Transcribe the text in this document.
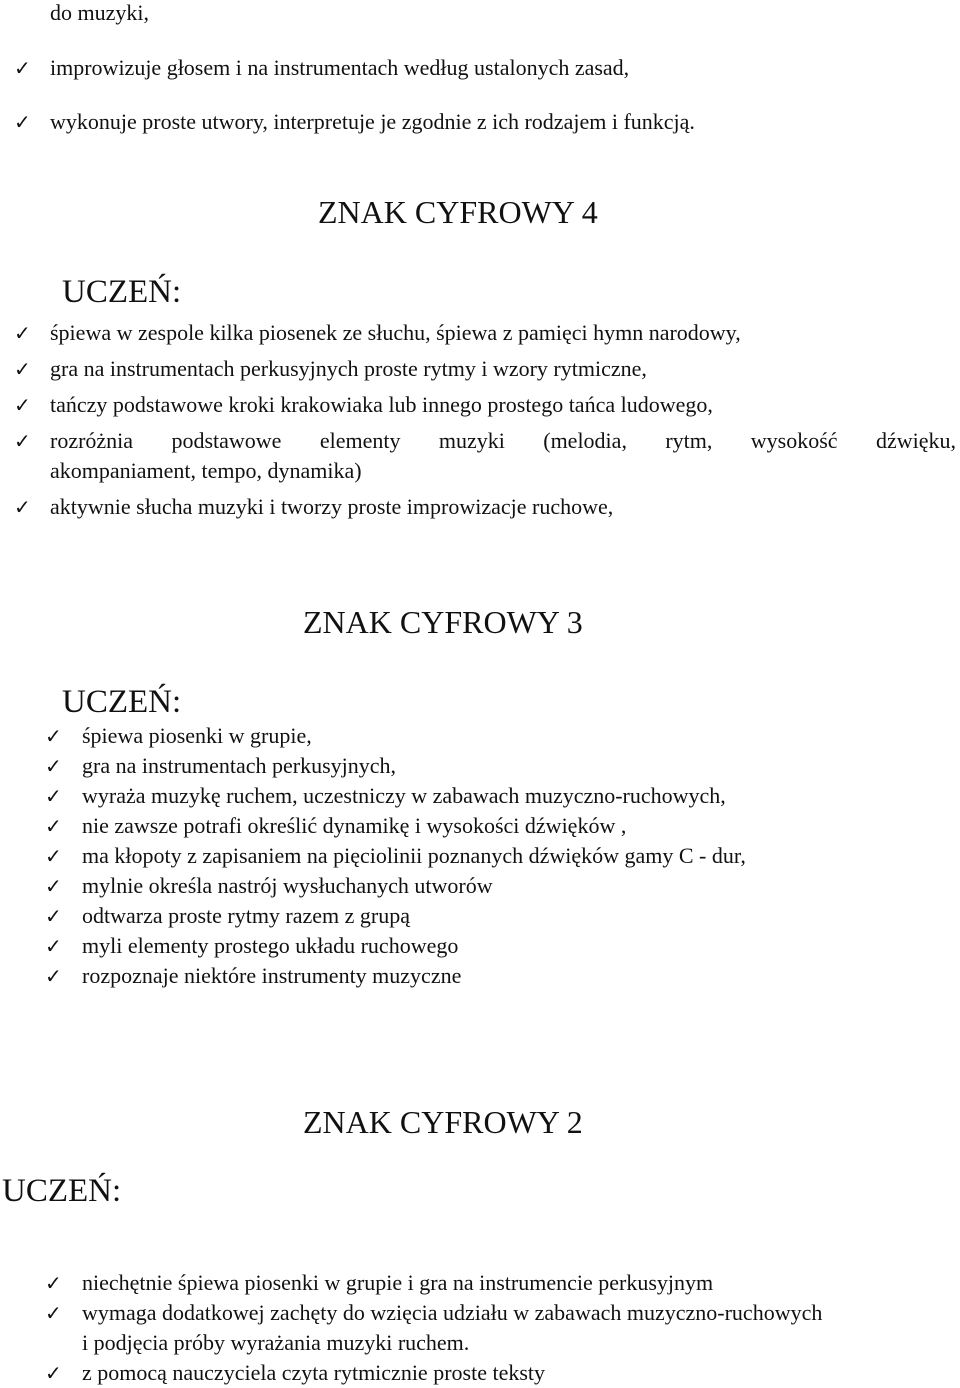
do muzyki,
✓ improwizuje głosem i na instrumentach według ustalonych zasad,
✓ wykonuje proste utwory, interpretuje je zgodnie z ich rodzajem i funkcją.
ZNAK CYFROWY 4
UCZEŃ:
✓ śpiewa w zespole kilka piosenek ze słuchu, śpiewa z pamięci hymn narodowy,
✓ gra na instrumentach perkusyjnych proste rytmy i wzory rytmiczne,
✓ tańczy podstawowe kroki krakowiaka lub innego prostego tańca ludowego,
✓ rozróżnia podstawowe elementy muzyki (melodia, rytm, wysokość dźwięku,
akompaniament, tempo, dynamika)
✓ aktywnie słucha muzyki i tworzy proste improwizacje ruchowe,
ZNAK CYFROWY 3
UCZEŃ:
✓ śpiewa piosenki w grupie,
✓ gra na instrumentach perkusyjnych,
✓ wyraża muzykę ruchem, uczestniczy w zabawach muzyczno-ruchowych,
✓ nie zawsze potrafi określić dynamikę i wysokości dźwięków ,
✓ ma kłopoty z zapisaniem na pięciolinii poznanych dźwięków gamy C - dur,
✓ mylnie określa nastrój wysłuchanych utworów
✓ odtwarza proste rytmy razem z grupą
✓ myli elementy prostego układu ruchowego
✓ rozpoznaje niektóre instrumenty muzyczne
ZNAK CYFROWY 2
UCZEŃ:
✓ niechętnie śpiewa piosenki w grupie i gra na instrumencie perkusyjnym
✓ wymaga dodatkowej zachęty do wzięcia udziału w zabawach muzyczno-ruchowych
i podjęcia próby wyrażania muzyki ruchem.
✓ z pomocą nauczyciela czyta rytmicznie proste teksty
